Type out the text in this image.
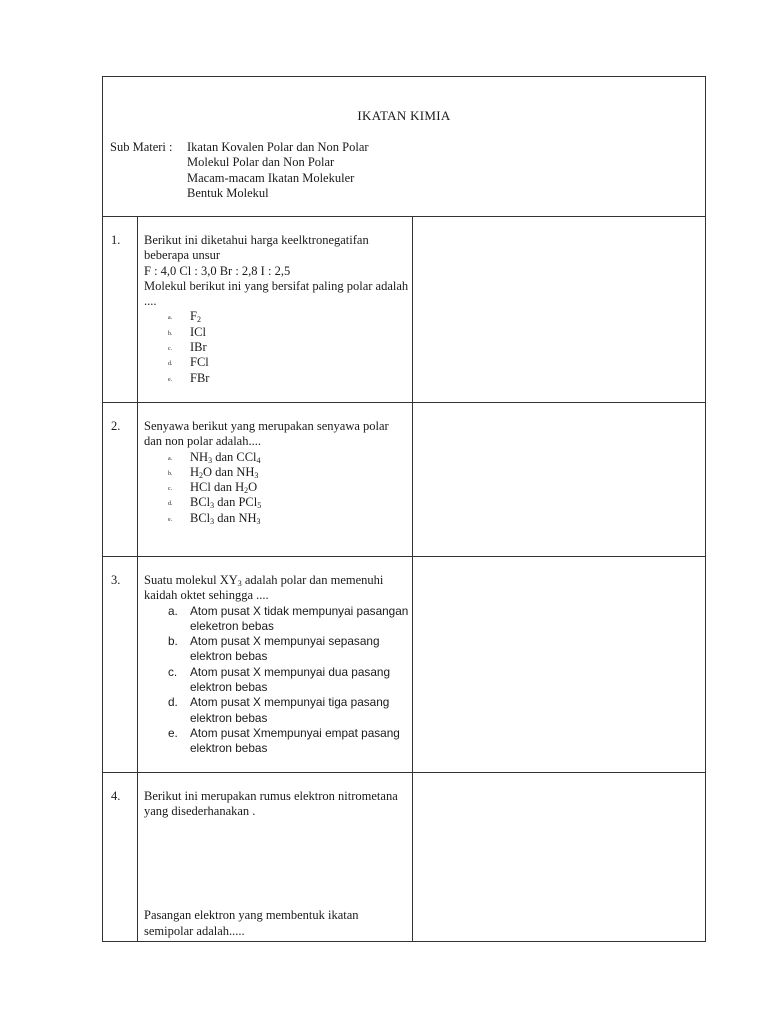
IKATAN KIMIA
Sub Materi : Ikatan Kovalen Polar dan Non Polar
Molekul Polar dan Non Polar
Macam-macam Ikatan Molekuler
Bentuk Molekul
1. Berikut ini diketahui harga keelktronegatifan beberapa unsur

F : 4,0 Cl : 3,0 Br : 2,8 I : 2,5

Molekul berikut ini yang bersifat paling polar adalah ....

a. $F_2$
b. ICl
c. IBr
d. FCl
e. FBr
2. Senyawa berikut yang merupakan senyawa polar dan non polar adalah....

a. $NH_3$ dan CCl$_4$
b. $H_2O$ dan $NH_3$
c. HCl dan $H_2O$
d. BCl$_3$ dan PCl$_5$
e. BCl$_3$ dan $NH_3$
3. Suatu molekul $XY_3$ adalah polar dan memenuhi kaidah oktet sehingga ....

a. Atom pusat X tidak mempunyai pasangan eleketron bebas
b. Atom pusat X mempunyai sepasang elektron bebas
c. Atom pusat X mempunyai dua pasang elektron bebas
d. Atom pusat X mempunyai tiga pasang elektron bebas
e. Atom pusat Xmempunyai empat pasang elektron bebas
4. Berikut ini merupakan rumus elektron nitrometana yang disederhanakan .

Pasangan elektron yang membentuk ikatan semipolar adalah.....
